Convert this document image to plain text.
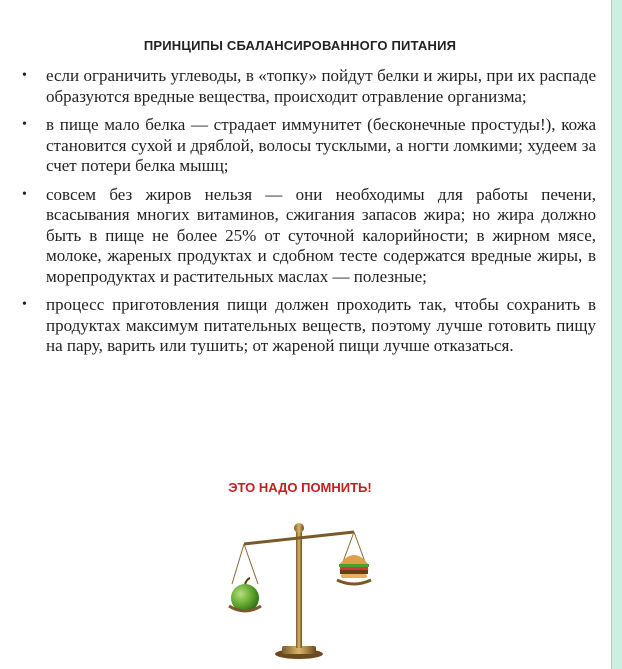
ПРИНЦИПЫ СБАЛАНСИРОВАННОГО ПИТАНИЯ
• если ограничить углеводы, в «топку» пойдут белки и жиры, при их распаде образуются вредные вещества, происходит отравление организма;
• в пище мало белка — страдает иммунитет (бесконечные простуды!), кожа становится сухой и дряблой, волосы тусклыми, а ногти ломкими; худеем за счет потери белка мышц;
• совсем без жиров нельзя — они необходимы для работы печени, всасывания многих витаминов, сжигания запасов жира; но жира должно быть в пище не более 25% от суточной калорийности; в жирном мясе, молоке, жареных продуктах и сдобном тесте содержатся вредные жиры, в морепродуктах и растительных маслах — полезные;
• процесс приготовления пищи должен проходить так, чтобы сохранить в продуктах максимум питательных веществ, поэтому лучше готовить пищу на пару, варить или тушить; от жареной пищи лучше отказаться.
ЭТО НАДО ПОМНИТЬ!
